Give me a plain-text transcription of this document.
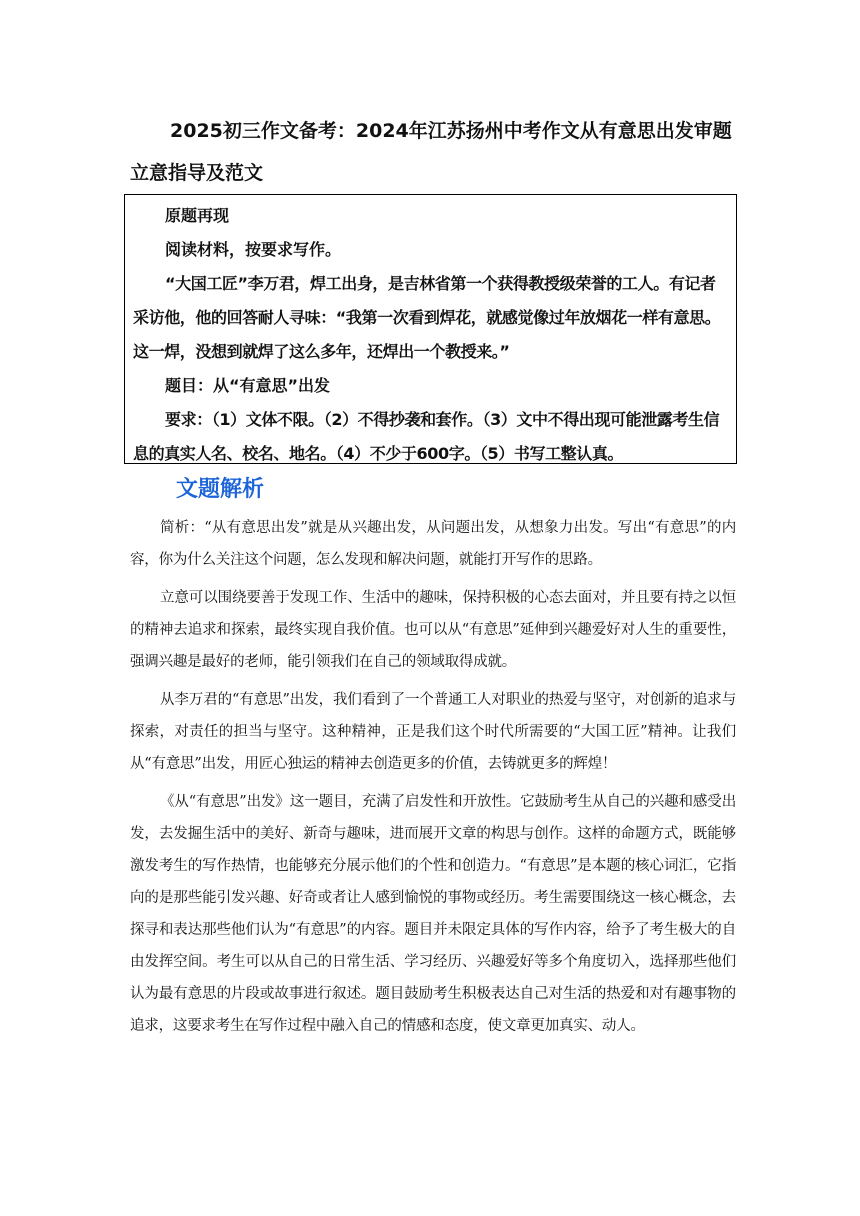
2025初三作文备考：2024年江苏扬州中考作文从有意思出发审题立意指导及范文

原题再现

阅读材料，按要求写作。

“大国工匠”李万君，焊工出身，是吉林省第一个获得教授级荣誉的工人。有记者采访他，他的回答耐人寻味：“我第一次看到焊花，就感觉像过年放烟花一样有意思。这一焊，没想到就焊了这么多年，还焊出一个教授来。”

题目：从“有意思”出发

要求：（1）文体不限。（2）不得抄袭和套作。（3）文中不得出现可能泄露考生信息的真实人名、校名、地名。（4）不少于600字。（5）书写工整认真。

文题解析

简析：“从有意思出发”就是从兴趣出发，从问题出发，从想象力出发。写出“有意思”的内容，你为什么关注这个问题，怎么发现和解决问题，就能打开写作的思路。

立意可以围绕要善于发现工作、生活中的趣味，保持积极的心态去面对，并且要有持之以恒的精神去追求和探索，最终实现自我价值。也可以从“有意思”延伸到兴趣爱好对人生的重要性，强调兴趣是最好的老师，能引领我们在自己的领域取得成就。

从李万君的“有意思”出发，我们看到了一个普通工人对职业的热爱与坚守，对创新的追求与探索，对责任的担当与坚守。这种精神，正是我们这个时代所需要的“大国工匠”精神。让我们从“有意思”出发，用匠心独运的精神去创造更多的价值，去铸就更多的辉煌！

《从“有意思”出发》这一题目，充满了启发性和开放性。它鼓励考生从自己的兴趣和感受出发，去发掘生活中的美好、新奇与趣味，进而展开文章的构思与创作。这样的命题方式，既能够激发考生的写作热情，也能够充分展示他们的个性和创造力。“有意思”是本题的核心词汇，它指向的是那些能引发兴趣、好奇或者让人感到愉悦的事物或经历。考生需要围绕这一核心概念，去探寻和表达那些他们认为“有意思”的内容。题目并未限定具体的写作内容，给予了考生极大的自由发挥空间。考生可以从自己的日常生活、学习经历、兴趣爱好等多个角度切入，选择那些他们认为最有意思的片段或故事进行叙述。题目鼓励考生积极表达自己对生活的热爱和对有趣事物的追求，这要求考生在写作过程中融入自己的情感和态度，使文章更加真实、动人。
